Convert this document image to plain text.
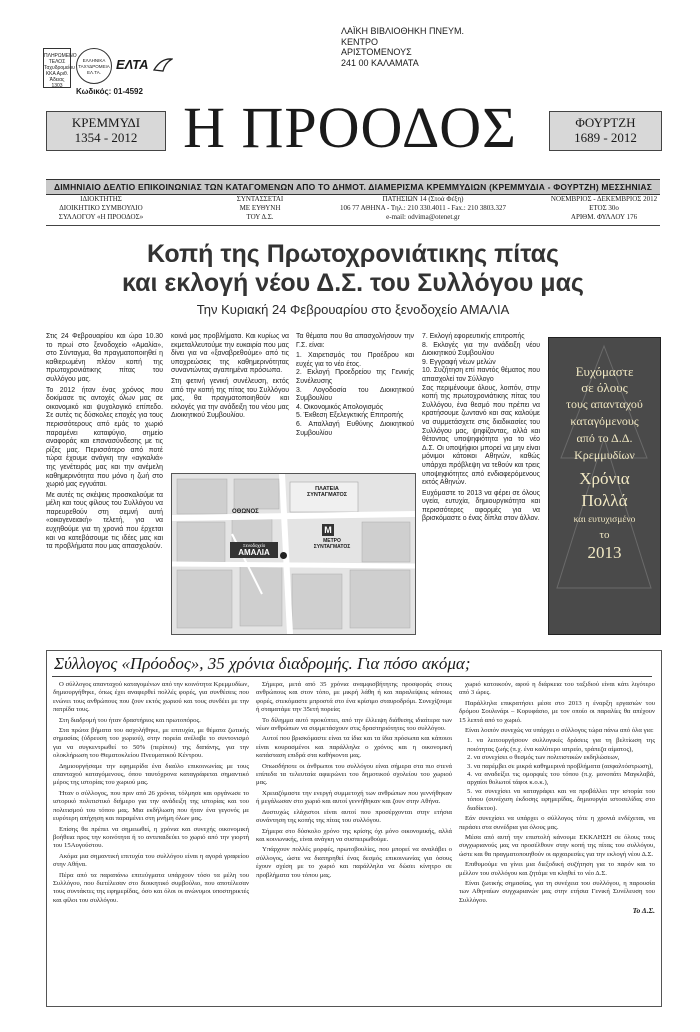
ΠΛΗΡΩΜΕΝΟ ΤΕΛΟΣ Ταχυδρομείου ΚΚΑ Αριθ. Άδειας 1303
ΕΛΛΗΝΙΚΑ ΤΑΧΥΔΡΟΜΕΙΑ ΕΛ.ΤΑ.
ΕΛΤΑ
Κωδικός: 01-4592
ΛΑΪΚΗ ΒΙΒΛΙΟΘΗΚΗ ΠΝΕΥΜ.
ΚΕΝΤΡΟ
ΑΡΙΣΤΟΜΕΝΟΥΣ
241 00 ΚΑΛΑΜΑΤΑ
ΚΡΕΜΜΥΔΙ
1354 - 2012 Η ΠΡΟΟΔΟΣ	ΦΟΥΡΤΖΗ
1689 - 2012
ΔΙΜΗΝΙΑΙΟ ΔΕΛΤΙΟ ΕΠΙΚΟΙΝΩΝΙΑΣ ΤΩΝ ΚΑΤΑΓΟΜΕΝΩΝ ΑΠΟ ΤΟ ΔΗΜΟΤ. ΔΙΑΜΕΡΙΣΜΑ ΚΡΕΜΜΥΔΙΩΝ (ΚΡΕΜΜΥΔΙΑ - ΦΟΥΡΤΖΗ) ΜΕΣΣΗΝΙΑΣ
ΙΔΙΟΚΤΗΤΗΣ
ΔΙΟΙΚΗΤΙΚΟ ΣΥΜΒΟΥΛΙΟ
ΣΥΛΛΟΓΟΥ «Η ΠΡΟΟΔΟΣ»
ΣΥΝΤΑΣΣΕΤΑΙ
ΜΕ ΕΥΘΥΝΗ
ΤΟΥ Δ.Σ.
ΠΑΤΗΣΙΩΝ 14 (Στοά Φέξη)
106 77 ΑΘΗΝΑ - Τηλ.: 210 330.4011 - Fax.: 210 3803.327
e-mail: odvima@otenet.gr
ΝΟΕΜΒΡΙΟΣ - ΔΕΚΕΜΒΡΙΟΣ 2012
ΕΤΟΣ 30ο
ΑΡΙΘΜ. ΦΥΛΛΟΥ 176
Κοπή της Πρωτοχρονιάτικης πίτας
και εκλογή νέου Δ.Σ. του Συλλόγου μας
Την Κυριακή 24 Φεβρουαρίου στο ξενοδοχείο ΑΜΑΛΙΑ

Στις 24 Φεβρουαρίου και ώρα 10.30 το πρωί στο ξενοδοχείο «Αμαλία», στο Σύνταγμα, θα πραγματοποιηθεί η καθιερωμένη πλέον κοπή της πρωτοχρονιάτικης πίτας του συλλόγου μας.

Το 2012 ήταν ένας χρόνος που δοκίμασε τις αντοχές όλων μας σε οικονομικό και ψυχολογικό επίπεδο. Σε αυτές τις δύσκολες εποχές για τους περισσότερους από εμάς το χωριό παραμένει καταφύγιο, σημείο αναφοράς και επανασύνδεσης με τις ρίζες μας. Περισσότερο από ποτέ τώρα έχουμε ανάγκη την «αγκαλιά» της γενέτειράς μας και την ανέμελη καθημερινότητα που μόνο η ζωή στο χωριό μας εγγυάται.

Με αυτές τις σκέψεις προσκαλούμε τα μέλη και τους φίλους του Συλλόγου να παρευρεθούν στη σεμνή αυτή «οικογενειακή» τελετή, για να ευχηθούμε για τη χρονιά που έρχεται και να κατεβάσουμε τις ιδέες μας και τα προβλήματα που μας απασχολούν.

κοινά μας προβλήματα. Και κυρίως να εκμεταλλευτούμε την ευκαιρία που μας δίνει για να «ξαναβρεθούμε» από τις υποχρεώσεις της καθημερινότητας συναντώντας αγαπημένα πρόσωπα.

Στη φετινή γενική συνέλευση, εκτός από την κοπή της πίτας του Συλλόγου μας, θα πραγματοποιηθούν και εκλογές για την ανάδειξη του νέου μας Διοικητικού Συμβουλίου.

Τα θέματα που θα απασχολήσουν την Γ.Σ. είναι:

1. Χαιρετισμός του Προέδρου και ευχές για το νέο έτος.
2. Εκλογή Προεδρείου της Γενικής Συνέλευσης
3. Λογοδοσία του Διοικητικού Συμβουλίου
4. Οικονομικός Απολογισμός
5. Έκθεση Εξελεγκτικής Επιτροπής
6. Απαλλαγή Ευθύνης Διοικητικού Συμβουλίου
7. Εκλογή εφορευτικής επιτροπής
8. Εκλογές για την ανάδειξη νέου Διοικητικού Συμβουλίου
9. Εγγραφή νέων μελών
10. Συζήτηση επί παντός θέματος που απασχολεί τον Σύλλογο

Σας περιμένουμε όλους, λοιπόν, στην κοπή της πρωτοχρονιάτικης πίτας του Συλλόγου, ένα θεσμό που πρέπει να κρατήσουμε ζωντανό και σας καλούμε να συμμετάσχετε στις διαδικασίες του Συλλόγου μας, ψηφίζοντας, αλλά και θέτοντας υποψηφιότητα για το νέο Δ.Σ. Οι υποψήφιοι μπορεί να μην είναι μόνιμοι κάτοικοι Αθηνών, καθώς υπάρχει πρόβλεψη να τεθούν και τρεις υποψηφιότητες από ενδιαφερόμενους εκτός Αθηνών.

Ευχόμαστε το 2013 να φέρει σε όλους υγεία, ευτυχία, δημιουργικότητα και περισσότερες αφορμές για να βρισκόμαστε ο ένας δίπλα στον άλλον.

ΠΛΑΤΕΙΑ ΣΥΝΤΑΓΜΑΤΟΣ
ΟΘΩΝΟΣ
M
ΜΕΤΡΟ ΣΥΝΤΑΓΜΑΤΟΣ
Ξενοδοχείο
ΑΜΑΛΙΑ
Ευχόμαστε
σε όλους
τους απανταχού
καταγόμενους
από το Δ.Δ.
Κρεμμυδίων
Χρόνια
Πολλά
και ευτυχισμένο
το
2013
Σύλλογος «Πρόοδος», 35 χρόνια διαδρομής. Για πόσο ακόμα;

Ο σύλλογος απανταχού καταγομένων από την κοινότητα Κρεμμυδίων, δημιουργήθηκε, όπως έχει αναφερθεί πολλές φορές, για συνθέσεις που ενώνει τους ανθρώπους που ζουν εκτός χωριού και τους συνδέει με την πατρίδα τους.

Στη διαδρομή του ήταν δραστήριος και πρωτοπόρος.

Στα πρώτα βήματα του ασχολήθηκε, με επιτυχία, με θέματα ζωτικής σημασίας (ύδρευση του χωριού), στην πορεία ανέλαβε το συντονισμό για να συγκεντρωθεί το 50% (περίπου) της δαπάνης, για την ολοκλήρωση του Θεματοκλείου Πνευματικού Κέντρου.

Δημιουργήσαμε την εφημερίδα ένα διαύλο επικοινωνίας με τους απανταχού καταγόμενους, όπου ταυτόχρονα καταγράφεται σημαντικό μέρος της ιστορίας του χωριού μας.

Ήταν ο σύλλογος, που πριν από 26 χρόνια, τόλμησε και οργάνωσε το ιστορικό πολιτιστικό διήμερο για την ανάδειξη της ιστορίας και του πολιτισμού του τόπου μας. Μια εκδήλωση που ήταν ένα γεγονός με ευρύτερη απήχηση και παραμένει στη μνήμη όλων μας.

Επίσης θα πρέπει να σημειωθεί, η χρόνια και συνεχής οικονομική βοήθεια προς την κοινότητα ή το αντιπαιδεύει το χωριό από την γιορτή του 15Αυγούστου.

Ακόμα μια σημαντική επιτυχία του συλλόγου είναι η αγορά γραφείου στην Αθήνα.

Πέρα από τα παραπάνω επιτεύγματα υπάρχουν τόσο τα μέλη του Συλλόγου, που διετέλεσαν στο διοικητικό συμβούλιο, που αποτέλεσαν τους συντάκτες της εφημερίδας, όσο και όλοι οι ανώνυμοι υποστηρικτές και φίλοι του συλλόγου.

Σήμερα, μετά από 35 χρόνια αναμφισβήτητης προσφοράς στους ανθρώπους και στον τόπο, με μικρή λάθη ή και παραλείψεις κάποιες φορές, στεκόμαστε μπροστά στο ένα κρίσιμο σταυροδρόμι. Συνεχίζουμε ή σταματάμε την 35ετή πορεία;

Το δίλημμα αυτό προκύπτει, από την έλλειψη διάθεσης ιδιαίτερα των νέων ανθρώπων να συμμετάσχουν στις δραστηριότητες του συλλόγου.

Αυτοί που βρισκόμαστε είναι τα ίδια και τα ίδια πρόσωπα και κάποιοι είναι κουρασμένοι και παράλληλα ο χρόνος και η οικονομική κατάσταση επιδρά στα καθήκοντα μας.

Οπωσδήποτε οι άνθρωποι του συλλόγου είναι σήμερα στα πιο στενά επίπεδα τα τελευταία αφιερώνει του δημοτικού σχολείου του χωριού μας.

Χρειαζόμαστε την ενεργή συμμετοχή των ανθρώπων που γεννήθηκαν ή μεγάλωσαν στο χωριό και αυτοί γεννήθηκαν και ζουν στην Αθήνα.

Δυστυχώς ελάχιστοι είναι αυτοί που προσέρχονται στην ετήσια συνάντηση της κοπής της πίτας του συλλόγου.

Σήμερα στο δύσκολο χρόνο της κρίσης όχι μόνο οικονομικής, αλλά και κοινωνικής, είναι ανάγκη να συσπειρωθούμε.

Υπάρχουν πολλές μορφές, πρωτοβουλίες, που μπορεί να αναλάβει ο σύλλογος, ώστε να διατηρηθεί ένας δεσμός επικοινωνίας για όσους έχουν σχέση με το χωριό και παράλληλα να δώσει κίνητρο σε προβλήματα του τόπου μας.

χωριό κατοικούν, αφού η διάρκεια του ταξιδιού είναι κάτι λιγότερο από 3 ώρες.

Παράλληλα επικρατήσει μέσα στο 2013 η έναρξη εργασιών του δρόμου Σουλινάρι – Κορυφάσιο, με τον οποίο οι παραλίες θα απέχουν 15 λεπτά από το χωριό.

Είναι λοιπόν συνεχώς να υπάρχει ο σύλλογος τώρα πάνω από όλα για:

1. να λειτουργήσουν συλλογικές δράσεις για τη βελτίωση της ποιότητας ζωής (π.χ. ένα καλύτερο ιατρείο, τράπεζα αίματος),
2. να συνεχίσει ο θεσμός των πολιτιστικών εκδηλώσεων,
3. να παρέμβει σε μικρά καθημερινά προβλήματα (ασφαλτόστρωση),
4. να αναδείξει τις ομορφιές του τόπου (π.χ. μονοπάτι Μαγκλαβά, αρχαίοι θολωτοί τάφοι κ.ο.κ.),
5. να συνεχίσει να καταγράφει και να προβάλλει την ιστορία του τόπου (συνέχιση έκδοσης εφημερίδας, δημιουργία ιστοσελίδας στο διαδίκτυο).

Εάν συνεχίσει να υπάρχει ο σύλλογος τότε η χρονιά ενδέχεται, να περάσει στα συνέδρια για όλους μας.

Μέσα από αυτή την επιστολή κάνουμε ΕΚΚΛΗΣΗ σε όλους τους συγχωριανούς μας να προσέλθουν στην κοπή της πίτας του συλλόγου, ώστε και θα πραγματοποιηθούν οι αρχαιρεσίες για την εκλογή νέου Δ.Σ.

Επιθυμούμε να γίνει μια διεξοδική συζήτηση για το παρόν και το μέλλον του συλλόγου και ζητάμε να κληθεί το νέο Δ.Σ.

Είναι ζωτικής σημασίας, για τη συνέχεια του συλλόγου, η παρουσία των Αθηναίων συγχωριανών μας στην ετήσια Γενική Συνέλευση του Συλλόγου.

Το Δ.Σ.
